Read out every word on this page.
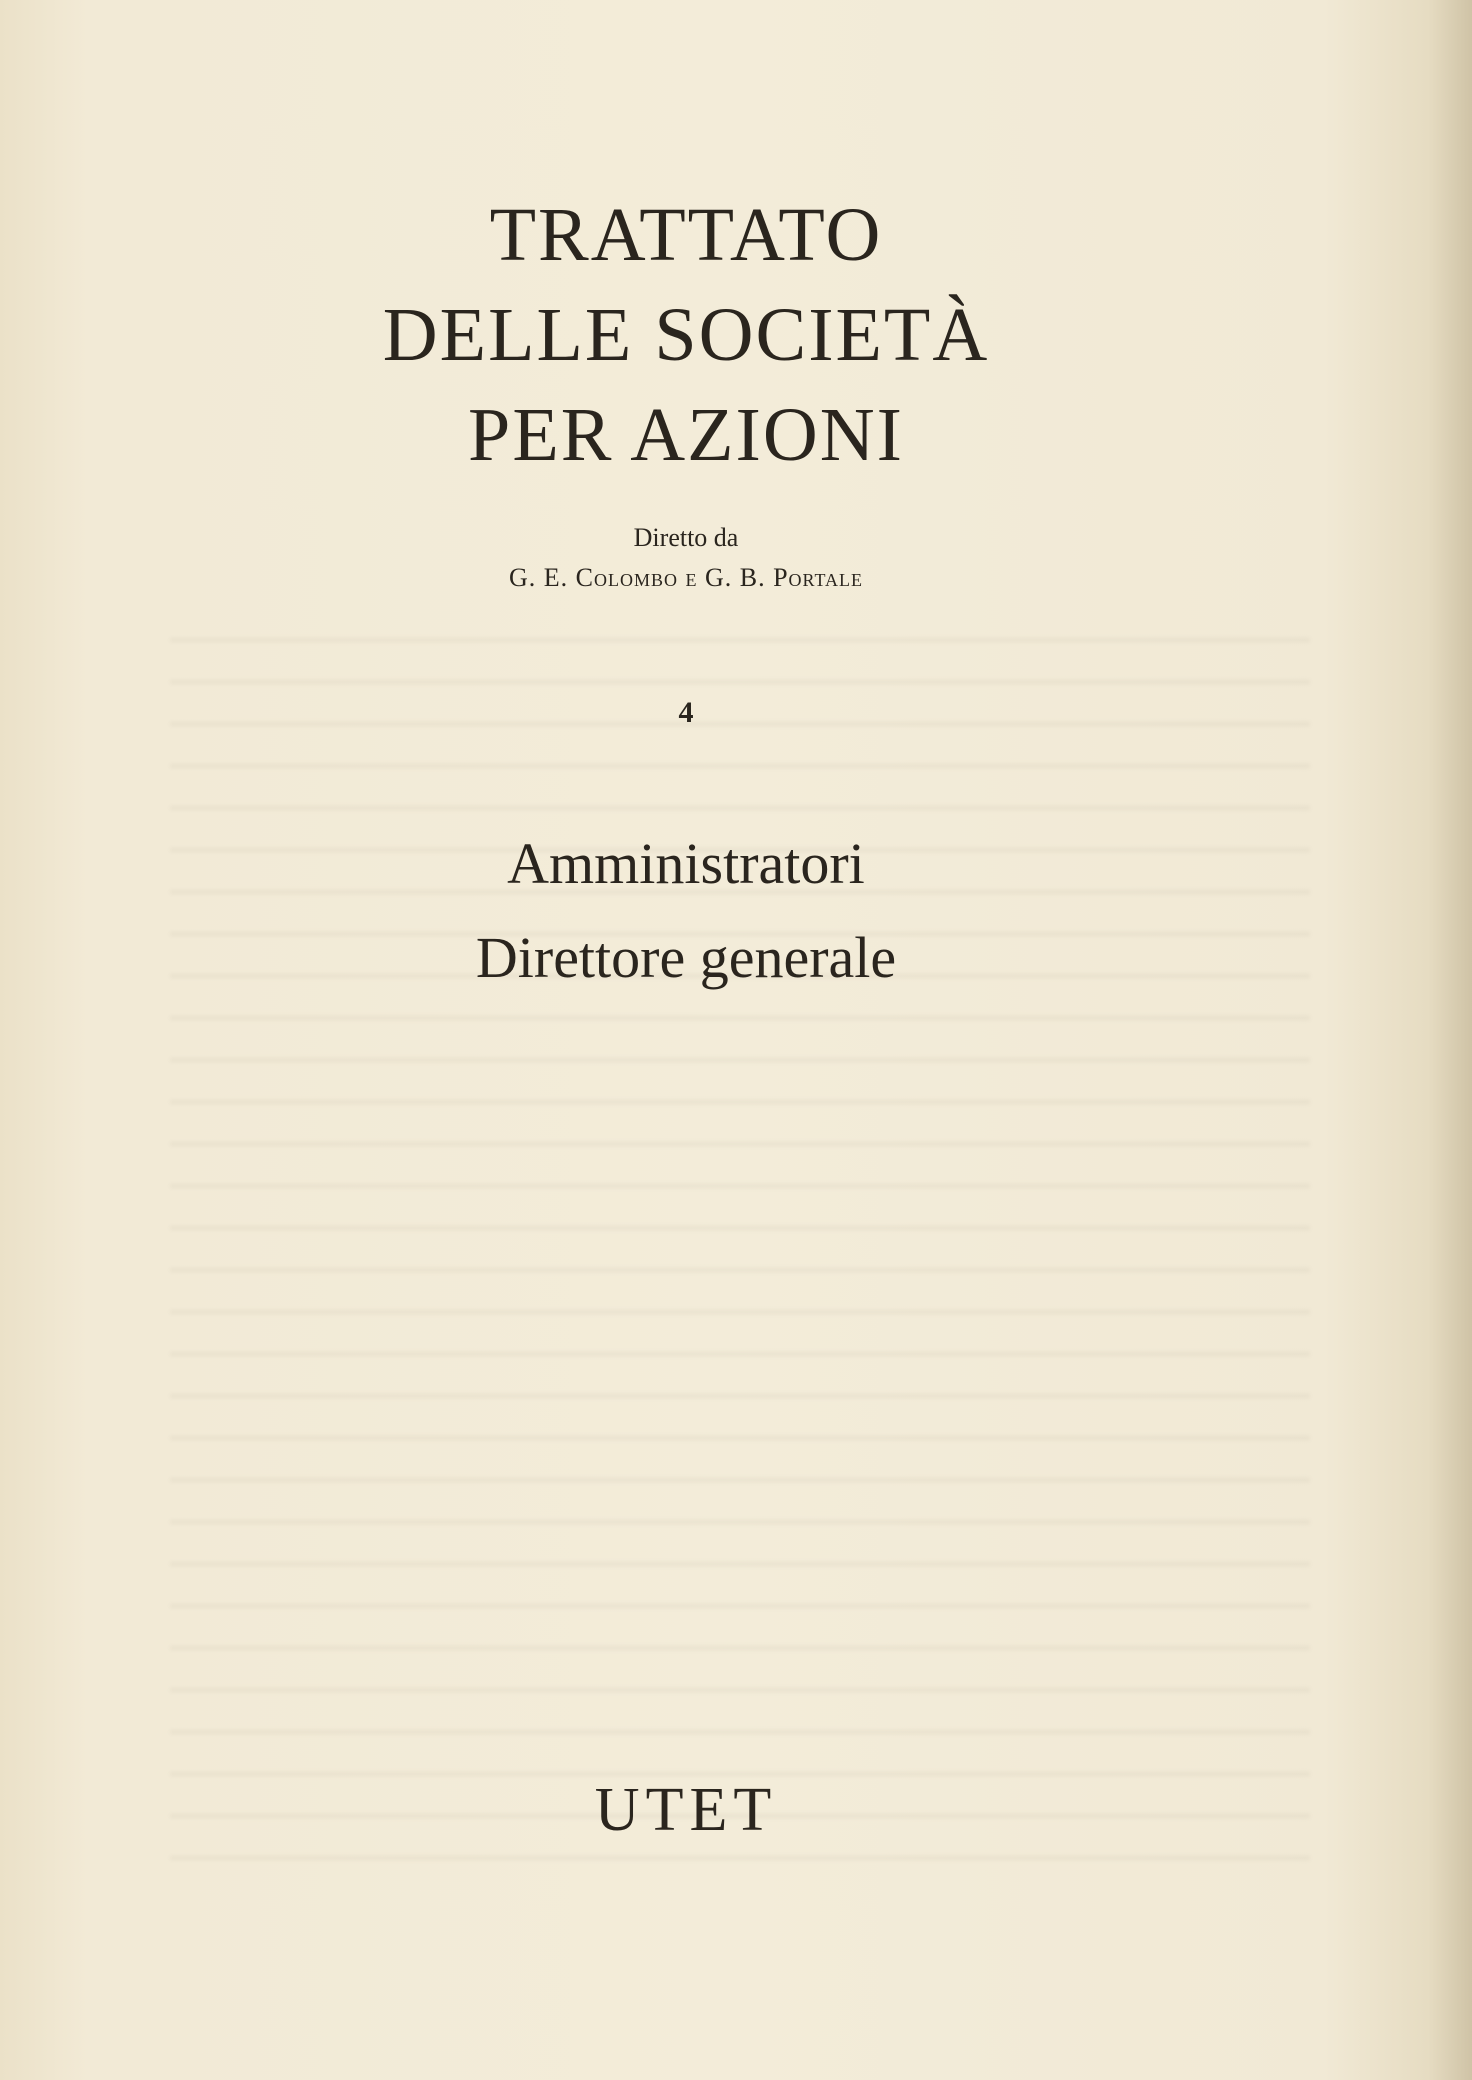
TRATTATO
DELLE SOCIETÀ
PER AZIONI
Diretto da
G. E. Colombo e G. B. Portale
4
Amministratori
Direttore generale
UTET
